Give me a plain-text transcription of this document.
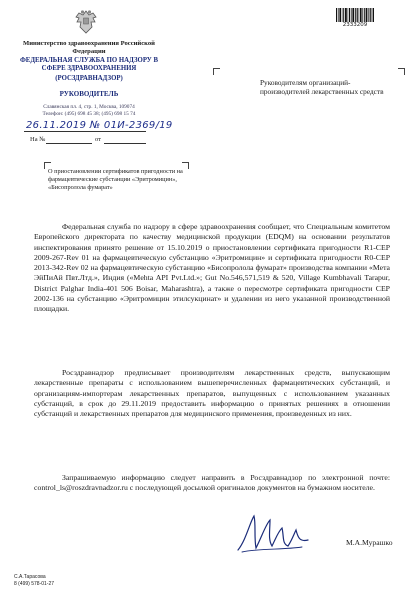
Министерство здравоохранения Российской Федерации
ФЕДЕРАЛЬНАЯ СЛУЖБА ПО НАДЗОРУ В СФЕРЕ ЗДРАВООХРАНЕНИЯ
(РОСЗДРАВНАДЗОР)
РУКОВОДИТЕЛЬ
Славянская пл. 4, стр. 1, Москва, 109074
Телефон: (495) 698 45 38; (495) 698 15 74
26.11.2019 № 01И-2369/19
На №	от
О приостановлении сертификатов пригодности на фармацевтические субстанции «Эритромицин», «Бисопролола фумарат»
Руководителям организаций-производителей лекарственных средств
2333209
Федеральная служба по надзору в сфере здравоохранения сообщает, что Специальным комитетом Европейского директората по качеству медицинской продукции (EDQM) на основании результатов инспектирования принято решение от 15.10.2019 о приостановлении сертификата пригодности R1-CEP 2009-267-Rev 01 на фармацевтическую субстанцию «Эритромицин» и сертификата пригодности R0-CEP 2013-342-Rev 02 на фармацевтическую субстанцию «Бисопролола фумарат» производства компании «Мета ЭйПиАй Пвт.Лтд.», Индия («Mehta API Pvt.Ltd.»; Gut No.546,571,519 & 520, Village Kumbhavali Tarapur, District Palghar India-401 506 Boisar, Maharashtra), а также о пересмотре сертификата пригодности CEP 2002-136 на субстанцию «Эритромицин этилсукцинат» и удалении из него указанной производственной площадки.
Росздравнадзор предписывает производителям лекарственных средств, выпускающим лекарственные препараты с использованием вышеперечисленных фармацевтических субстанций, и организациям-импортерам лекарственных препаратов, выпущенных с использованием указанных субстанций, в срок до 29.11.2019 предоставить информацию о принятых решениях в отношении субстанций и лекарственных препаратов для медицинского применения, произведенных из них.
Запрашиваемую информацию следует направить в Росздравнадзор по электронной почте: control_ls@roszdravnadzor.ru с последующей досылкой оригиналов документов на бумажном носителе.
М.А.Мурашко
С.А.Тарасова
8 (499) 578-01-27
